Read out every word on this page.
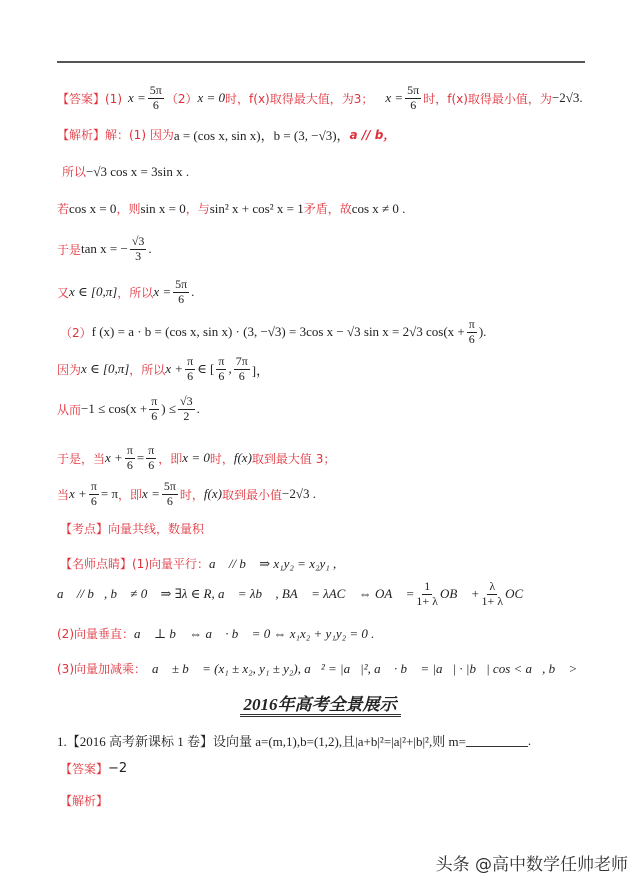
【答案】(1) $x = \frac{5\pi}{6} (2) x = 0$ 时，f(x)取得最大值，为3； $x = \frac{5\pi}{6}$ 时，f(x)取得最小值，为 −2√3 .
【解析】解：(1) 因为 a = (cos x, sin x)，b = (3, −√3)， a // b，
所以 −√3 cos x = 3sin x .
若 cos x = 0 ，则 sin x = 0 ，与 sin² x + cos² x = 1 矛盾，故 cos x ≠ 0 .
于是 tan x = − $\frac{√3}{3}$ .
又 x ∈ [0,π] ，所以 $x = \frac{5\pi}{6}$ .
（2） f (x) = a · b = (cos x, sin x) · (3, −√3) = 3cos x − √3 sin x = 2√3 $\cos(x + \frac{\pi}{6}$ ).
因为 x ∈ [0,π] ，所以 $x + \frac{\pi}{6}$ ∈ [ $\frac{\pi}{6}$ , $\frac{7\pi}{6}$ ]，
从而 $-1 \le \cos(x + \frac{\pi}{6}$ ) ≤ $\frac{√3}{2}$ .
于是，当 $x + \frac{\pi}{6} = \frac{\pi}{6}$ ，即 x = 0 时， f(x) 取到最大值 3；
当 $x + \frac{\pi}{6} = \pi$ ，即 $x = \frac{5\pi}{6}$ 时， f(x) 取到最小值 −2√3 .
【考点】向量共线，数量积
【名师点睛】(1)向量平行： a⃗ // b⃗ ⇒ x₁y₂ = x₂y₁ ,
a⃗ // b⃗, b⃗ ≠ 0⃗ ⇒ ∃λ ∈ R, a⃗ = λb⃗ , BA⃗ = λAC⃗ ⇔ OA⃗ = $\frac{1}{1+ \lambda}$ OB⃗ + $\frac{\lambda}{1+ \lambda}$ OC⃗
(2)向量垂直： a⃗ ⊥ b⃗ ⇔ a⃗ · b⃗ = 0 ⇔ x₁x₂ + y₁y₂ = 0 .
(3)向量加减乘： a⃗ ± b⃗ = (x₁ ± x₂, y₁ ± y₂), a⃗² = |a⃗|², a⃗ · b⃗ = |a⃗| · |b⃗| cos < a⃗, b⃗ >
2016年高考全景展示
1.【2016 高考新课标 1 卷】设向量 a=(m,1),b=(1,2),且|a+b|²=|a|²+|b|²,则 m=	.
【答案】 −2
【解析】
头条 @高中数学任帅老师
